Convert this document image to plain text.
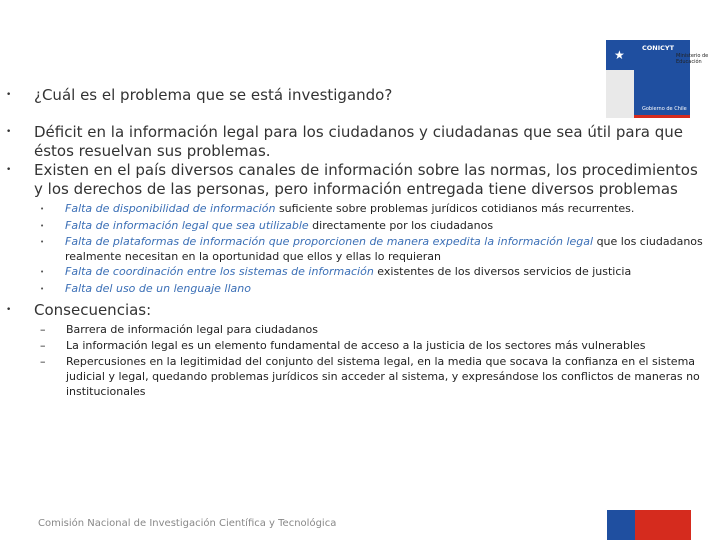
★	CONICYT
Ministerio de Educación
Gobierno de Chile
•	¿Cuál es el problema que se está investigando?
•	Déficit en la información legal para los ciudadanos y ciudadanas que sea útil para que éstos resuelvan sus problemas.
•	Existen en el país diversos canales de información sobre las normas, los procedimientos y los derechos de las personas, pero información entregada tiene diversos problemas
•	Falta de disponibilidad de información suficiente sobre problemas jurídicos cotidianos más recurrentes.
•	Falta de información legal que sea utilizable directamente por los ciudadanos
•	Falta de plataformas de información que proporcionen de manera expedita la información legal que los ciudadanos realmente necesitan en la oportunidad que ellos y ellas lo requieran
•	Falta de coordinación entre los sistemas de información existentes de los diversos servicios de justicia
•	Falta del uso de un lenguaje llano
•	Consecuencias:
–	Barrera de información legal para ciudadanos
–	La información legal es un elemento fundamental de acceso a la justicia de los sectores más vulnerables
–	Repercusiones en la legitimidad del conjunto del sistema legal, en la media que socava la confianza en el sistema judicial y legal, quedando problemas jurídicos sin acceder al sistema, y expresándose los conflictos de maneras no institucionales
Comisión Nacional de Investigación Científica y Tecnológica
